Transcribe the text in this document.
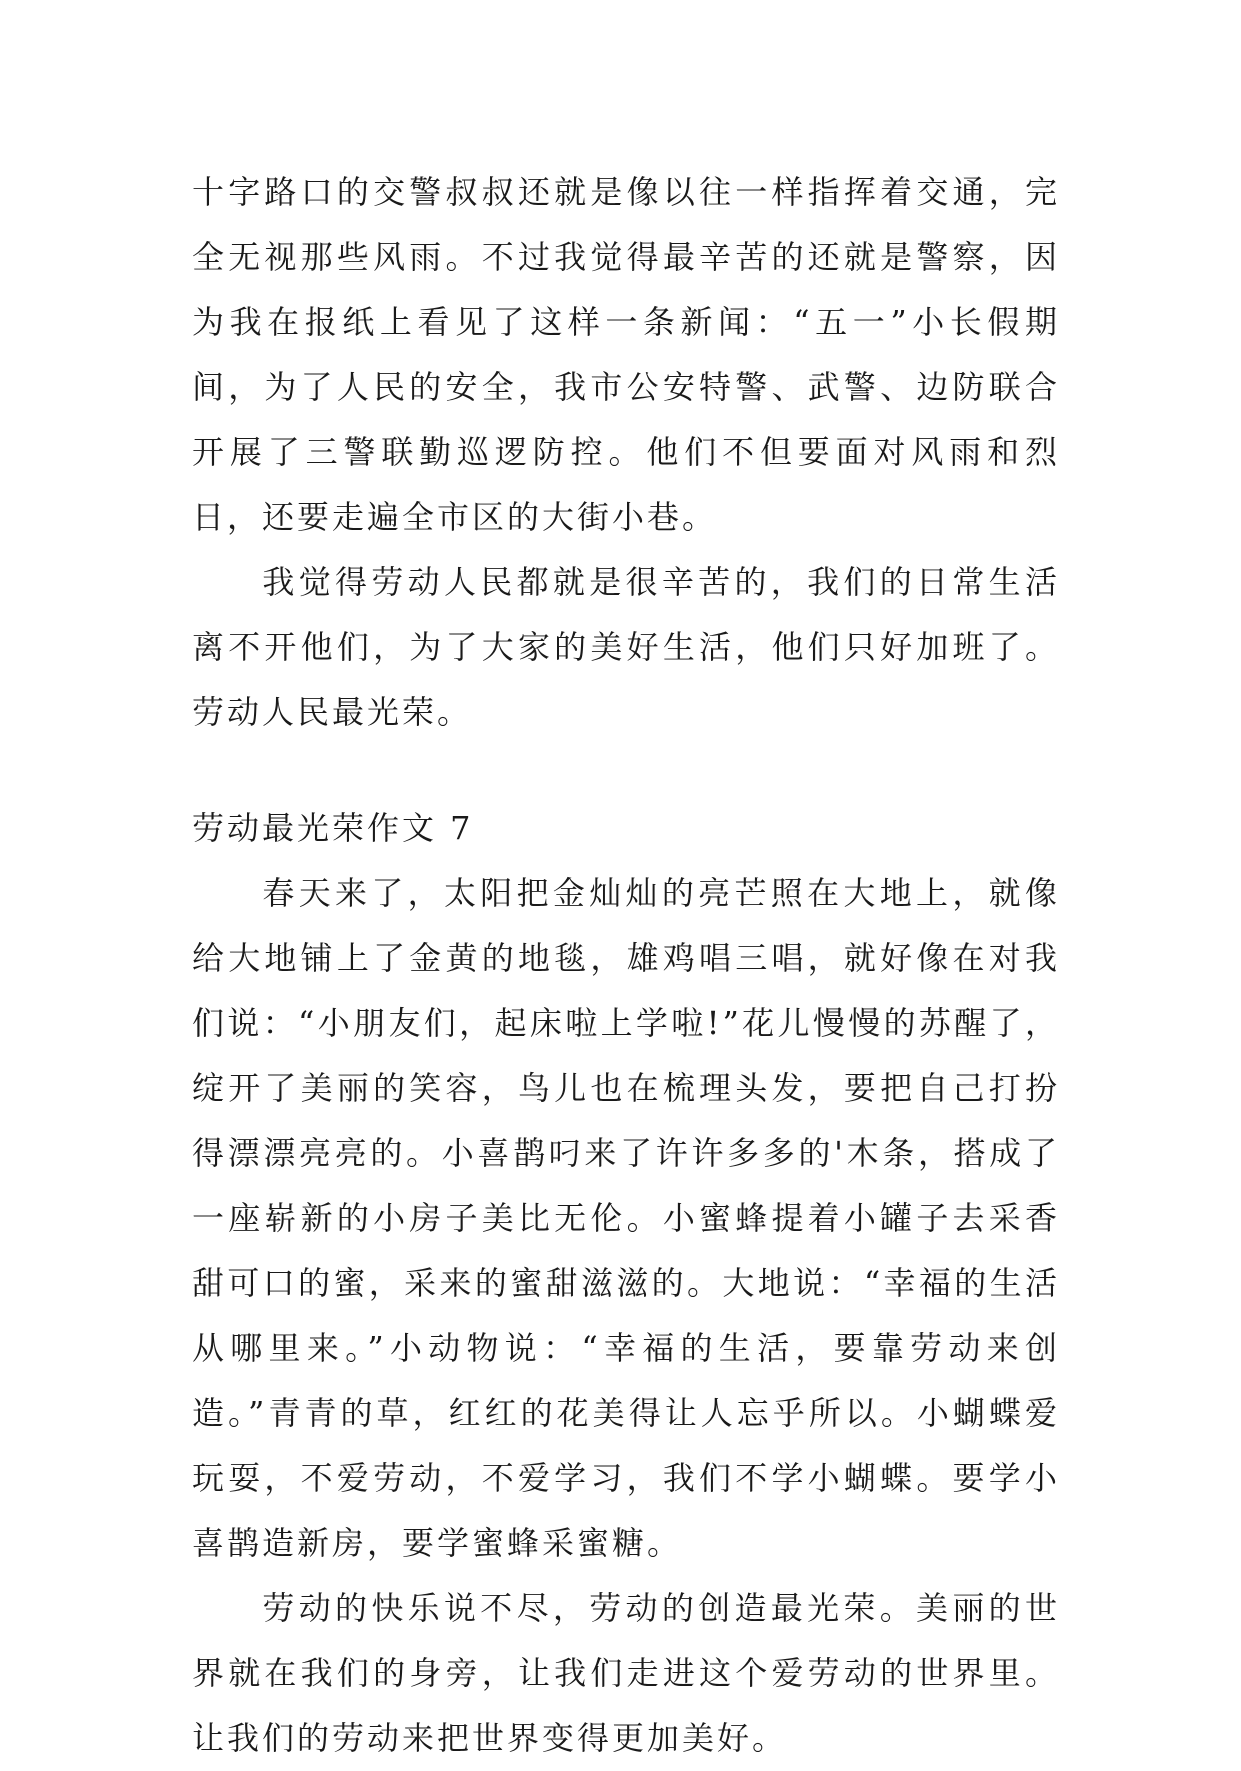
十字路口的交警叔叔还就是像以往一样指挥着交通，完全无视那些风雨。不过我觉得最辛苦的还就是警察，因为我在报纸上看见了这样一条新闻：“五一”小长假期间，为了人民的安全，我市公安特警、武警、边防联合开展了三警联勤巡逻防控。他们不但要面对风雨和烈日，还要走遍全市区的大街小巷。

我觉得劳动人民都就是很辛苦的，我们的日常生活离不开他们，为了大家的美好生活，他们只好加班了。劳动人民最光荣。

劳动最光荣作文 7

春天来了，太阳把金灿灿的亮芒照在大地上，就像给大地铺上了金黄的地毯，雄鸡唱三唱，就好像在对我们说：“小朋友们，起床啦上学啦!”花儿慢慢的苏醒了，绽开了美丽的笑容，鸟儿也在梳理头发，要把自己打扮得漂漂亮亮的。小喜鹊叼来了许许多多的'木条，搭成了一座崭新的小房子美比无伦。小蜜蜂提着小罐子去采香甜可口的蜜，采来的蜜甜滋滋的。大地说：“幸福的生活从哪里来。”小动物说：“幸福的生活，要靠劳动来创造。”青青的草，红红的花美得让人忘乎所以。小蝴蝶爱玩耍，不爱劳动，不爱学习，我们不学小蝴蝶。要学小喜鹊造新房，要学蜜蜂采蜜糖。

劳动的快乐说不尽，劳动的创造最光荣。美丽的世界就在我们的身旁，让我们走进这个爱劳动的世界里。让我们的劳动来把世界变得更加美好。
